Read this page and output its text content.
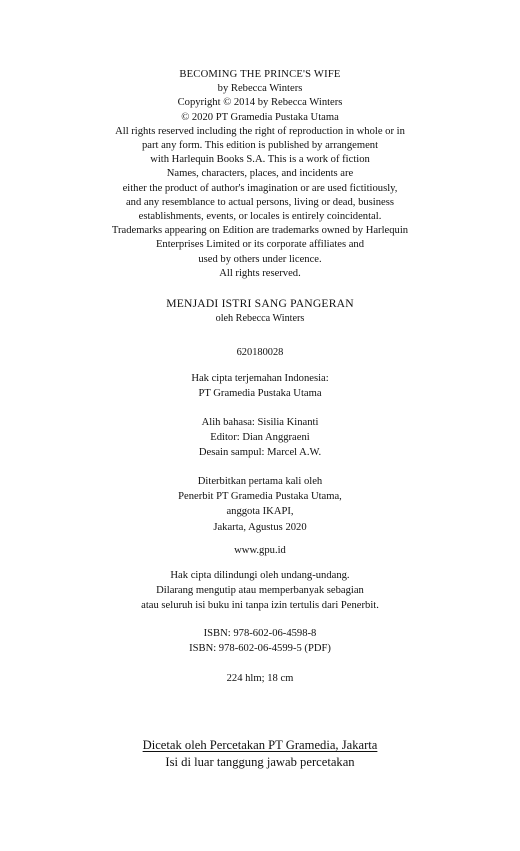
BECOMING THE PRINCE'S WIFE
by Rebecca Winters
Copyright © 2014 by Rebecca Winters
© 2020 PT Gramedia Pustaka Utama
All rights reserved including the right of reproduction in whole or in
part any form. This edition is published by arrangement
with Harlequin Books S.A. This is a work of fiction
Names, characters, places, and incidents are
either the product of author's imagination or are used fictitiously,
and any resemblance to actual persons, living or dead, business
establishments, events, or locales is entirely coincidental.
Trademarks appearing on Edition are trademarks owned by Harlequin
Enterprises Limited or its corporate affiliates and
used by others under licence.
All rights reserved.
MENJADI ISTRI SANG PANGERAN
oleh Rebecca Winters
620180028
Hak cipta terjemahan Indonesia:
PT Gramedia Pustaka Utama
Alih bahasa: Sisilia Kinanti
Editor: Dian Anggraeni
Desain sampul: Marcel A.W.
Diterbitkan pertama kali oleh
Penerbit PT Gramedia Pustaka Utama,
anggota IKAPI,
Jakarta, Agustus 2020
www.gpu.id
Hak cipta dilindungi oleh undang-undang.
Dilarang mengutip atau memperbanyak sebagian
atau seluruh isi buku ini tanpa izin tertulis dari Penerbit.
ISBN: 978-602-06-4598-8
ISBN: 978-602-06-4599-5 (PDF)
224 hlm; 18 cm
Dicetak oleh Percetakan PT Gramedia, Jakarta
Isi di luar tanggung jawab percetakan
